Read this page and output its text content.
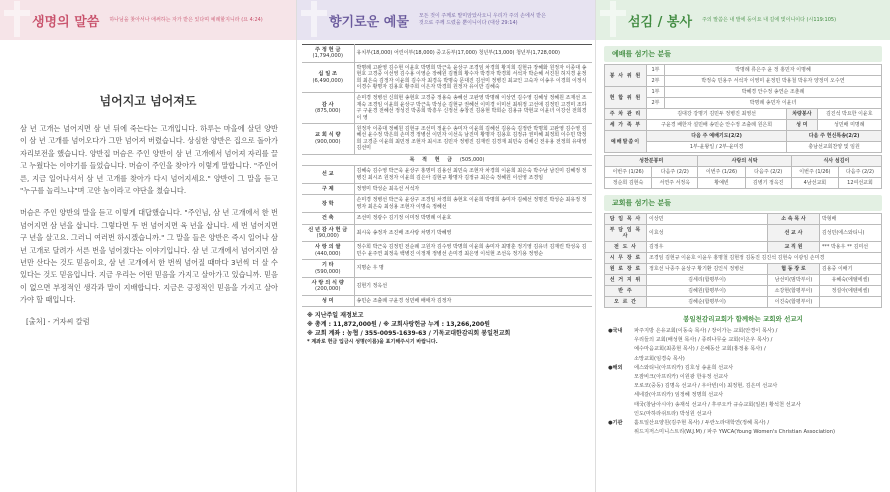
생명의 말씀 하나님을 찾아서나 애써하는 자가 받은 있다며 예례할지니라 (요 4:24)
넘어지고 넘어져도

삼 년 고개는 넘어지면 삼 년 뒤에 죽는다는 고개입니다. 하루는 마을에 살던 양반이 삼 년 고개를 넘어오다가 그만 넘어져 버렸습니다. 상심한 양반은 집으로 돌아가 자리보전을 했습니다. 양반집 머슴은 주인 양반이 삼 년 고개에서 넘어져 자리를 끌고 누웠다는 이야기를 들었습니다. 머슴이 주인을 찾아가 이렇게 말합니다. "주인어른, 지금 일어나셔서 삼 년 고개를 찾아가 다시 넘어지세요." 양반이 그 말을 듣고 "누구를 놀리느냐"며 고얀 놈이라고 야단을 쳤습니다.

머슴은 주인 양반의 말을 듣고 이렇게 대답했습니다. "주인님, 삼 년 고개에서 한 번 넘어지면 삼 년을 삽니다. 그렇다면 두 번 넘어지면 육 년을 삽니다. 세 번 넘어지면 구 년을 살고요. 그러니 여러번 하시겠습니까." 그 말을 들은 양반은 즉시 일어나 삼 년 고개로 달려가 서른 번을 넘어졌다는 이야기입니다. 삼 년 고개에서 넘어지면 삼 년만 산다는 것도 믿음이요, 삼 년 고개에서 한 번씩 넘어질 때마다 3년씩 더 살 수 있다는 것도 믿음입니다. 지금 우리는 어떤 믿음을 가지고 살아가고 있습니까. 믿음이 없으면 부정적인 생각과 말이 지배합니다. 지금은 긍정적인 믿음을 가지고 살아가야 할 때입니다.

[출처] - 거자씨 칼럼
향기로운 예물 모든 것이 주께로 말미암았사오니 우리가 주의 손에서 받은 것으로 주께 드렸을 뿐이니이다 (대상 29:14)
주 정 헌 금
(1,794,000)	유치부(18,000) 어린이부(18,000) 중고등부(17,000) 청년부(13,000) 청년부(1,728,000)
십 일 조
(6,490,000)	박명례 고완영 김수현 이윤호 박명희 박근욱 윤상구 조경임 차경희 황지희 김현규 장혜화 원정자 이종대 송현호 고경중 이선영 김수용 이영순 장혜원 김필희 황수자 박경자 박경희 서석자 박순혜 서진원 허지경 윤정희 최은숙 김정자 이윤희 김수자 최경옥 박명숙 문대진 김선미 정병진 최교인 고숙자 이송우 이경희 이정식 이경수 황명자 김용호 황주희 이은자 박경희 원정자 유이만 김혜숙
감 사
(875,000)	손미경 정병선 신희현 송현호 고경중 정용숙 송혜선 고완영 박명례 이상연 김수영 김혜성 정혜원 조재선 조재숙 조경임 이윤희 윤상구 박근욱 박성순 김현규 권혜선 이미경 이미선 최위정 고선애 김정민 고경미 조하구 구윤경 전혜선 정성진 박종희 박흥우 신정선 송창진 김용현 박희순 김용규 박현교 이윤녀 이강선 전희경 이 영
교 회 식 량
(900,000)	원정자 이종대 정혜원 김현규 조선미 정윤수 송미자 이윤희 김혜선 김용숙 김정란 박명희 고완영 김수영 김혜선 윤수정 박은희 손미경 정병선 이민자 이선옥 남진미 황명자 김용호 김정규 권미혜 최정희 이수민 박정희 고경준 이윤희 최민정 조현자 최시조 김민자 정병진 김재린 김경재 최민숙 김혜신 전유용 전정희 유대영 김선미
목 적 헌 금 (505,000)	
선 교	김혜숙 김수영 박근욱 윤상구 홍명미 김용선 최민숙 조현자 차경희 이윤희 최은숙 박수남 남진미 김혜정 정병진 최시조 원정자 이윤희 김은아 김현규 황명자 김정규 최은숙 정혜원 이선영 조경임
구 제	정영미 박성순 최옥선 서석자
장 학	손미경 정병선 박근욱 윤상구 조경임 차경희 송현호 이윤희 박명희 송미자 김혜선 정명진 박성순 최유정 정영자 최은숙 최성용 조현자 이명숙 정혜선
건 축	조선미 정광수 김기정 이미정 박명례 이윤호
신 년 감 사 헌 금
(90,000)	최시욱 송정자 조진배 조사랑 차명기 박혜영
사 랑 의 쌀
(440,000)	정수희 박근욱 김정민 전순례 고원자 김수영 박명희 이윤희 송미자 최명훈 정기영 김유녀 김재린 박성욱 김민수 윤주연 최정욱 백병진 이정재 정병선 손미경 최은영 이석현 조선옥 정기용 정영순
기 타
(590,000)	지명순 우 명
사 랑 의 식 량
(200,000)	김현기 정옥선
성 미	송민순 조출례 구윤경 성민배 배애자 김정자
※ 지난주일 재정보고
※ 총계 : 11,872,000원 / ※ 교회사랑헌금 누계 : 13,266,200원
※ 교회 계좌 : 농협 / 355-0095-1639-63 / 기독교대한감리회 봉일천교회
* 계좌로 헌금 입금시 성명(이름)을 표기해주시기 바랍니다.
섬김 / 봉사 주의 말씀은 내 발에 등이요 내 길에 빛이니이다 (시119:105)
예배를 섬기는 분들
봉 사 위 원	1부	박명례 류은주 윤 정 홍민자 이명혜		
	2부	박정숙 민용주 서석자 이영미 윤정민 박용철 박유자 양정미 오수연		
헌 합 위 원	1부	박혜경 안수정 송연순 조춘례		
	2부	박명례 송민자 이윤녀		
주 차 관 리	김대강 강명기 김민두 정병진 최영선		차량봉사	김진석 박요한 이윤호
세 가 족 부	구윤경 배한자 설민배 송민순 안수정 조출례 원은희		성 미	성민배 미명례
예배말씀이	다음 주 예배기도(2/2)		다음 주 헌신특송(2/2)	
	1부-윤왕일 / 2부-윤미경		충남선교회찬양 및 임원	
성찬분봉미		사랑의 식탁		식사 섬김이	
이번주 (1/26)	다음주 (2/2)	이번주 (1/26)	다음주 (2/2)	이번주 (1/26)	다음주 (2/2)
정순희 김현숙	서연주 서정옥	황예빈	김병기 정옥진	4남선교회	12여선교회
교회를 섬기는 분들
담 임 목 사	이상민	소 속 목 사	박형배
부 담 임 목 사	이효성	선 교 사	김성민(에스와티니)
전 도 사	김정우	교 직 원	*** 박용우 ** 김미선
시 무 장 로	조경임 김현규 이윤호 이윤우 홍명철 김현정 김동진 김진석 김현숙 이광임 손미경		
원 로 장 로	정호선 나종주 윤상구 황기환 김인식 정병선	협 동 장 로	김용중 이배기
선 거 지 위	김세리(합평부이)	남선미(범박부이)	유혜숙(에텔에셀)
반 주	김혜원(합평부이)	소강현(합평부이)	정설아(에텐에셀)
오 르 간	김혜순(합평부이)	이진숙(합평부이)	
봉일천감리교회가 함께하는 교회와 선교지
●국내	파주지방 은유교회(이동숙 목사) / 장이가는 교회(안경이 목사) /
우리들의 교회(배성현 목사) / 종려나무숲 교회(이은우 목사) /
예수마음교회(최종현 목사) / 은혜동산 교회(홍정용 목사) /
소망교회(임경숙 목사)
●해외	에스와티니(아프리카) 김호성 송윤희 선교사
모잠비크(아프리카) 이원광 한유정 선교사
모로코(중동) 김명옥 선교사 / 우아빈(이) 최정현, 김은미 선교사
세네갈(아프리카) 임정혜 정명희 선교사
태국(창남아시아) 송재석 선교사 / 후쿠오카 규슈교회(일본) 황석천 선교사
인도(마하라쉬트라) 박성원 선교사
●기관	홀트일산요양원(김주현 목사) / 두란노라대학연(정혜 목사) /
위드지저스미니스트리(W.J.M) / 파주 YWCA(Young Women's Christian Association)
